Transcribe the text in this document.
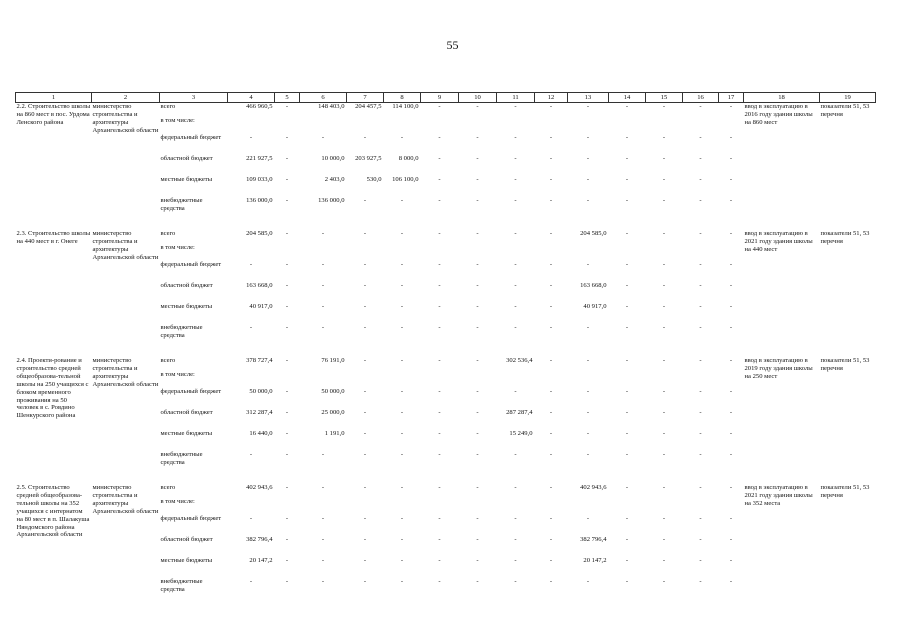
55
1	2	3	4	5	6	7	8	9	10	11	12	13	14	15	16	17	18	19
2.2. Строительство школы на 860 мест в пос. Урдома Ленского района	министерство строительства и архитектуры Архангельской области	всего	466 960,5	-	148 403,0	204 457,5	114 100,0	-	-	-	-	-	-	-	-	-	ввод в эксплуатацию в 2016 году здания школы на 860 мест	показатели 51, 53 перечня
		в том числе:																
		федеральный бюджет	-	-	-	-	-	-	-	-	-	-	-	-	-	-		
		областной бюджет	221 927,5	-	10 000,0	203 927,5	8 000,0	-	-	-	-	-	-	-	-	-		
		местные бюджеты	109 033,0	-	2 403,0	530,0	106 100,0	-	-	-	-	-	-	-	-	-		
		внебюджетные средства	136 000,0	-	136 000,0	-	-	-	-	-	-	-	-	-	-	-		

2.3. Строительство школы на 440 мест в г. Онеге	министерство строительства и архитектуры Архангельской области	всего	204 585,0	-	-	-	-	-	-	-	-	204 585,0	-	-	-	-	ввод в эксплуатацию в 2021 году здания школы на 440 мест	показатели 51, 53 перечня
		в том числе:																
		федеральный бюджет	-	-	-	-	-	-	-	-	-	-	-	-	-	-		
		областной бюджет	163 668,0	-	-	-	-	-	-	-	-	163 668,0	-	-	-	-		
		местные бюджеты	40 917,0	-	-	-	-	-	-	-	-	40 917,0	-	-	-	-		
		внебюджетные средства	-	-	-	-	-	-	-	-	-	-	-	-	-	-		

2.4. Проекти-рование и строительство средней общеобразова-тельной школы на 250 учащихся с блоком временного проживания на 50 человек в с. Ровдино Шенкурского района	министерство строительства и архитектуры Архангельской области	всего	378 727,4	-	76 191,0	-	-	-	-	302 536,4	-	-	-	-	-	-	ввод в эксплуатацию в 2019 году здания школы на 250 мест	показатели 51, 53 перечня
		в том числе:																
		федеральный бюджет	50 000,0	-	50 000,0	-	-	-	-	-	-	-	-	-	-	-		
		областной бюджет	312 287,4	-	25 000,0	-	-	-	-	287 287,4	-	-	-	-	-	-		
		местные бюджеты	16 440,0	-	1 191,0	-	-	-	-	15 249,0	-	-	-	-	-	-		
		внебюджетные средства	-	-	-	-	-	-	-	-	-	-	-	-	-	-		

2.5. Строительство средней общеобразова-тельной школы на 352 учащихся с интернатом на 80 мест в п. Шалакуша Няндомского района Архангельской области	министерство строительства и архитектуры Архангельской области	всего	402 943,6	-	-	-	-	-	-	-	-	402 943,6	-	-	-	-	ввод в эксплуатацию в 2021 году здания школы на 352 места	показатели 51, 53 перечня
		в том числе:																
		федеральный бюджет	-	-	-	-	-	-	-	-	-	-	-	-	-	-		
		областной бюджет	382 796,4	-	-	-	-	-	-	-	-	382 796,4	-	-	-	-		
		местные бюджеты	20 147,2	-	-	-	-	-	-	-	-	20 147,2	-	-	-	-		
		внебюджетные средства	-	-	-	-	-	-	-	-	-	-	-	-	-	-		
